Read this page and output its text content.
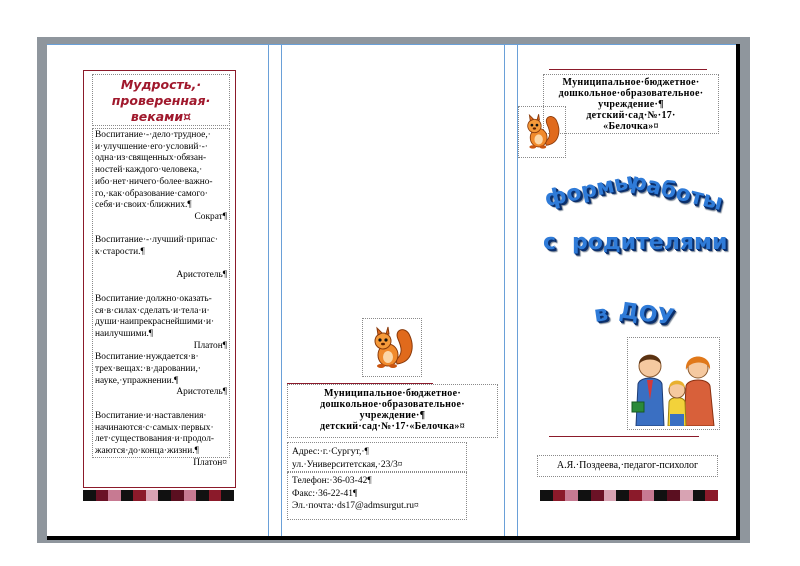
Мудрость,·
проверенная·
веками¤
Воспитание·-·дело·трудное,·
и·улучшение·его·условий·-·
одна·из·священных·обязан-
ностей·каждого·человека,·
ибо·нет·ничего·более·важно-
го,·как·образование·самого·
себя·и·своих·ближних.¶
Сократ¶
Воспитание·-·лучший·припас·
к·старости.¶
Аристотель¶
Воспитание·должно·оказать-
ся·в·силах·сделать·и·тела·и·
души·наипрекраснейшими·и·
наилучшими.¶
Платон¶
Воспитание·нуждается·в·
трех·вещах:·в·даровании,·
науке,·упражнении.¶
Аристотель¶
Воспитание·и·наставления·
начинаются·с·самых·первых·
лет·существования·и·продол-
жаются·до·конца·жизни.¶
Платон¤
Муниципальное·бюджетное·
дошкольное·образовательное·
учреждение·¶
детский·сад·№·17·«Белочка»¤
Адрес:·г.·Сургут,·¶
ул.·Университетская,·23/3¤
Телефон:·36-03-42¶
Факс:·36-22-41¶
Эл.·почта:·ds17@admsurgut.ru¤
Муниципальное·бюджетное·
дошкольное·образовательное·
учреждение·¶
детский·сад·№·17·
«Белочка»¤
формы
работы
с родителями
в ДОУ
А.Я.·Поздеева,·педагог-психолог
